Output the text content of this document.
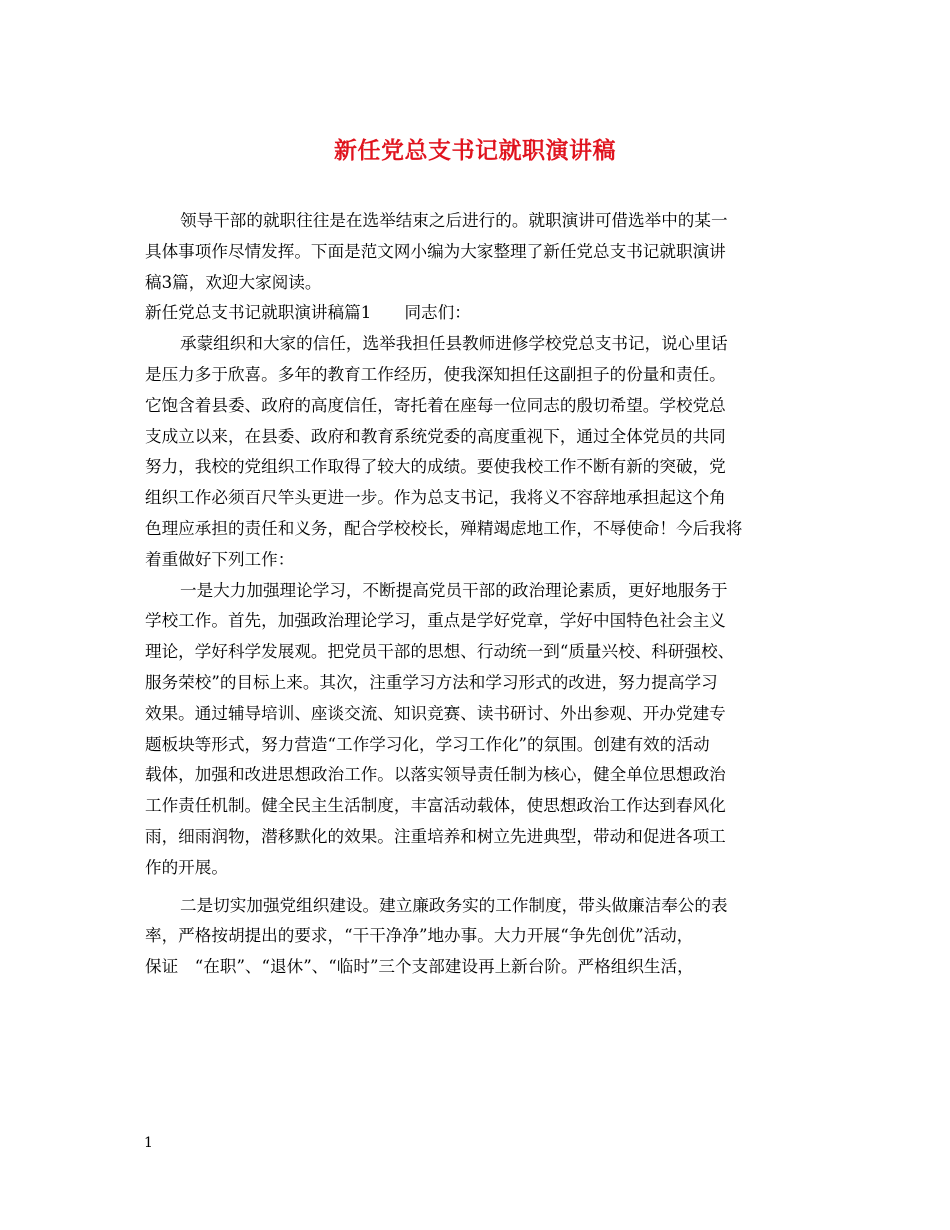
新任党总支书记就职演讲稿
领导干部的就职往往是在选举结束之后进行的。就职演讲可借选举中的某一
具体事项作尽情发挥。下面是范文网小编为大家整理了新任党总支书记就职演讲
稿3篇，欢迎大家阅读。
新任党总支书记就职演讲稿篇1　　同志们：
承蒙组织和大家的信任，选举我担任县教师进修学校党总支书记，说心里话
是压力多于欣喜。多年的教育工作经历，使我深知担任这副担子的份量和责任。
它饱含着县委、政府的高度信任，寄托着在座每一位同志的殷切希望。学校党总
支成立以来，在县委、政府和教育系统党委的高度重视下，通过全体党员的共同
努力，我校的党组织工作取得了较大的成绩。要使我校工作不断有新的突破，党
组织工作必须百尺竿头更进一步。作为总支书记，我将义不容辞地承担起这个角
色理应承担的责任和义务，配合学校校长，殚精竭虑地工作，不辱使命！今后我将
着重做好下列工作：
一是大力加强理论学习，不断提高党员干部的政治理论素质，更好地服务于
学校工作。首先，加强政治理论学习，重点是学好党章，学好中国特色社会主义
理论，学好科学发展观。把党员干部的思想、行动统一到“质量兴校、科研强校、
服务荣校”的目标上来。其次，注重学习方法和学习形式的改进，努力提高学习
效果。通过辅导培训、座谈交流、知识竞赛、读书研讨、外出参观、开办党建专
题板块等形式，努力营造“工作学习化，学习工作化”的氛围。创建有效的活动
载体，加强和改进思想政治工作。以落实领导责任制为核心，健全单位思想政治
工作责任机制。健全民主生活制度，丰富活动载体，使思想政治工作达到春风化
雨，细雨润物，潜移默化的效果。注重培养和树立先进典型，带动和促进各项工
作的开展。
二是切实加强党组织建设。建立廉政务实的工作制度，带头做廉洁奉公的表
率，严格按胡提出的要求，“干干净净”地办事。大力开展“争先创优”活动，
保证　“在职”、“退休”、“临时”三个支部建设再上新台阶。严格组织生活，
1
